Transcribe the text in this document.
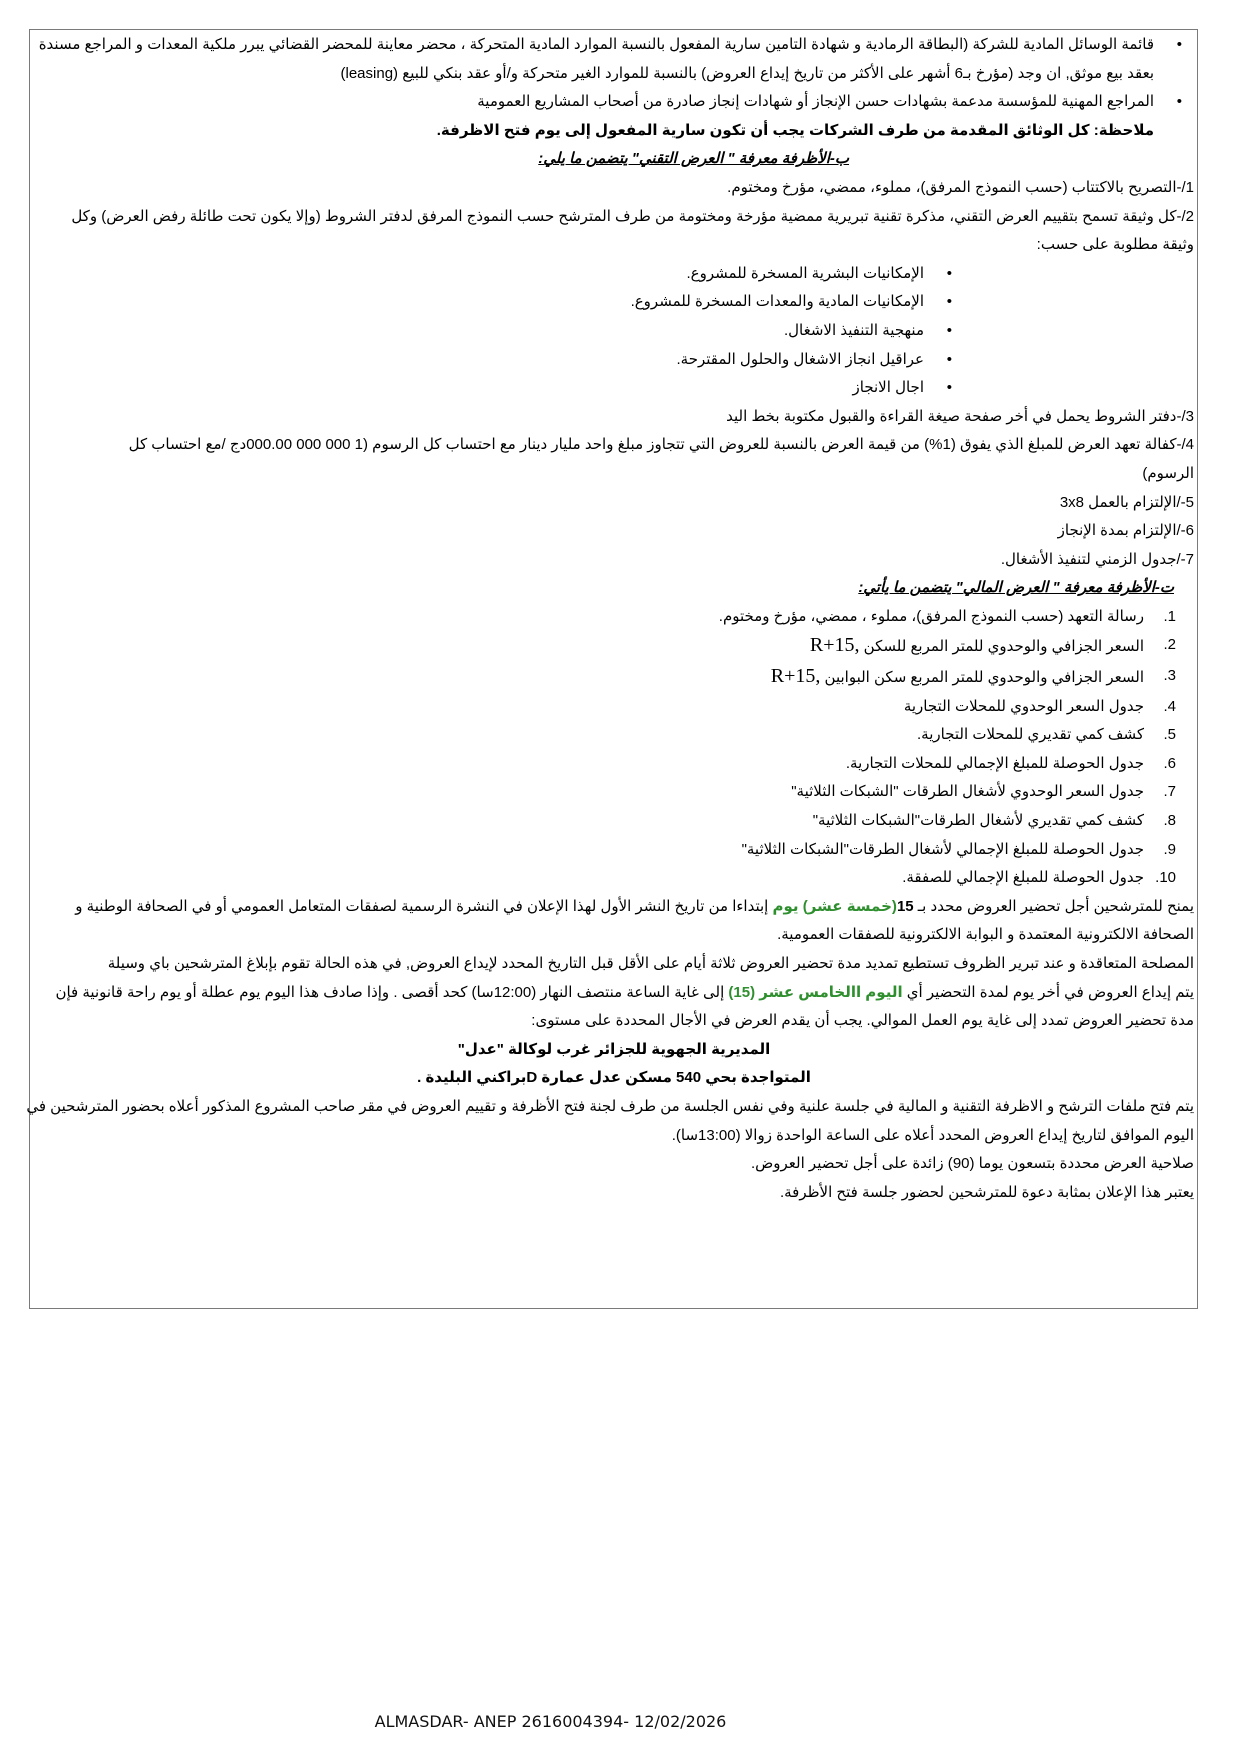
• قائمة الوسائل المادية للشركة (البطاقة الرمادية و شهادة التامين سارية المفعول بالنسبة الموارد المادية المتحركة ، محضر معاينة للمحضر القضائي يبرر ملكية المعدات و المراجع مسندة
بعقد بيع موثق, ان وجد (مؤرخ بـ6 أشهر على الأكثر من تاريخ إيداع العروض) بالنسبة للموارد الغير متحركة و/أو عقد بنكي للبيع (leasing)
• المراجع المهنية للمؤسسة مدعمة بشهادات حسن الإنجاز أو شهادات إنجاز صادرة من أصحاب المشاريع العمومية
ملاحظة: كل الوثائق المقدمة من طرف الشركات يجب أن تكون سارية المفعول إلى يوم فتح الاظرفة.
ب-الأظرفة معرفة " العرض التقني" يتضمن ما يلي:
1/-التصريح بالاكتتاب (حسب النموذج المرفق)، مملوء، ممضي، مؤرخ ومختوم.
2/-كل وثيقة تسمح بتقييم العرض التقني، مذكرة تقنية تبريرية ممضية مؤرخة ومختومة من طرف المترشح حسب النموذج المرفق لدفتر الشروط (وإلا يكون تحت طائلة رفض العرض) وكل
وثيقة مطلوبة على حسب:
• الإمكانيات البشرية المسخرة للمشروع.
• الإمكانيات المادية والمعدات المسخرة للمشروع.
• منهجية التنفيذ الاشغال.
• عراقيل انجاز الاشغال والحلول المقترحة.
• اجال الانجاز
3/-دفتر الشروط يحمل في أخر صفحة صيغة القراءة والقبول مكتوبة بخط اليد
4/-كفالة تعهد العرض للمبلغ الذي يفوق (1%) من قيمة العرض بالنسبة للعروض التي تتجاوز مبلغ واحد مليار دينار مع احتساب كل الرسوم (1 000 000 000.00دج /مع احتساب كل
الرسوم)
5-/الإلتزام بالعمل 3x8
6-/الإلتزام بمدة الإنجاز
7-/جدول الزمني لتنفيذ الأشغال.
ت-الأظرفة معرفة " العرض المالي" يتضمن ما يأتي:
1.
رسالة التعهد (حسب النموذج المرفق)، مملوء ، ممضي، مؤرخ ومختوم.
2.
السعر الجزافي والوحدوي للمتر المربع للسكن R+15,
3.
السعر الجزافي والوحدوي للمتر المربع سكن البوابين R+15,
4.
جدول السعر الوحدوي للمحلات التجارية
5.
كشف كمي تقديري للمحلات التجارية.
6.
جدول الحوصلة للمبلغ الإجمالي للمحلات التجارية.
7.
جدول السعر الوحدوي لأشغال الطرقات "الشبكات الثلاثية"
8.
كشف كمي تقديري لأشغال الطرقات"الشبكات الثلاثية"
9.
جدول الحوصلة للمبلغ الإجمالي لأشغال الطرقات"الشبكات الثلاثية"
10.
جدول الحوصلة للمبلغ الإجمالي للصفقة.
يمنح للمترشحين أجل تحضير العروض محدد بـ 15(خمسة عشر) يوم إبتداءا من تاريخ النشر الأول لهذا الإعلان في النشرة الرسمية لصفقات المتعامل العمومي أو في الصحافة الوطنية و
الصحافة الالكترونية المعتمدة و البوابة الالكترونية للصفقات العمومية.
المصلحة المتعاقدة و عند تبرير الظروف تستطيع تمديد مدة تحضير العروض ثلاثة أيام على الأقل قبل التاريخ المحدد لإيداع العروض, في هذه الحالة تقوم بإبلاغ المترشحين باي وسيلة
يتم إيداع العروض في أخر يوم لمدة التحضير أي اليوم االخامس عشر (15) إلى غاية الساعة منتصف النهار (12:00سا) كحد أقصى . وإذا صادف هذا اليوم يوم عطلة أو يوم راحة قانونية فإن
مدة تحضير العروض تمدد إلى غاية يوم العمل الموالي. يجب أن يقدم العرض في الأجال المحددة على مستوى:
المديرية الجهوية للجزائر غرب لوكالة "عدل"
المتواجدة بحي 540 مسكن عدل عمارة Dبراكني البليدة .
يتم فتح ملفات الترشح و الاظرفة التقنية و المالية في جلسة علنية وفي نفس الجلسة من طرف لجنة فتح الأظرفة و تقييم العروض في مقر صاحب المشروع المذكور أعلاه بحضور المترشحين في
اليوم الموافق لتاريخ إيداع العروض المحدد أعلاه على الساعة الواحدة زوالا (13:00سا).
صلاحية العرض محددة بتسعون يوما (90) زائدة على أجل تحضير العروض.
يعتبر هذا الإعلان بمثابة دعوة للمترشحين لحضور جلسة فتح الأظرفة.
ALMASDAR- ANEP 2616004394- 12/02/2026
